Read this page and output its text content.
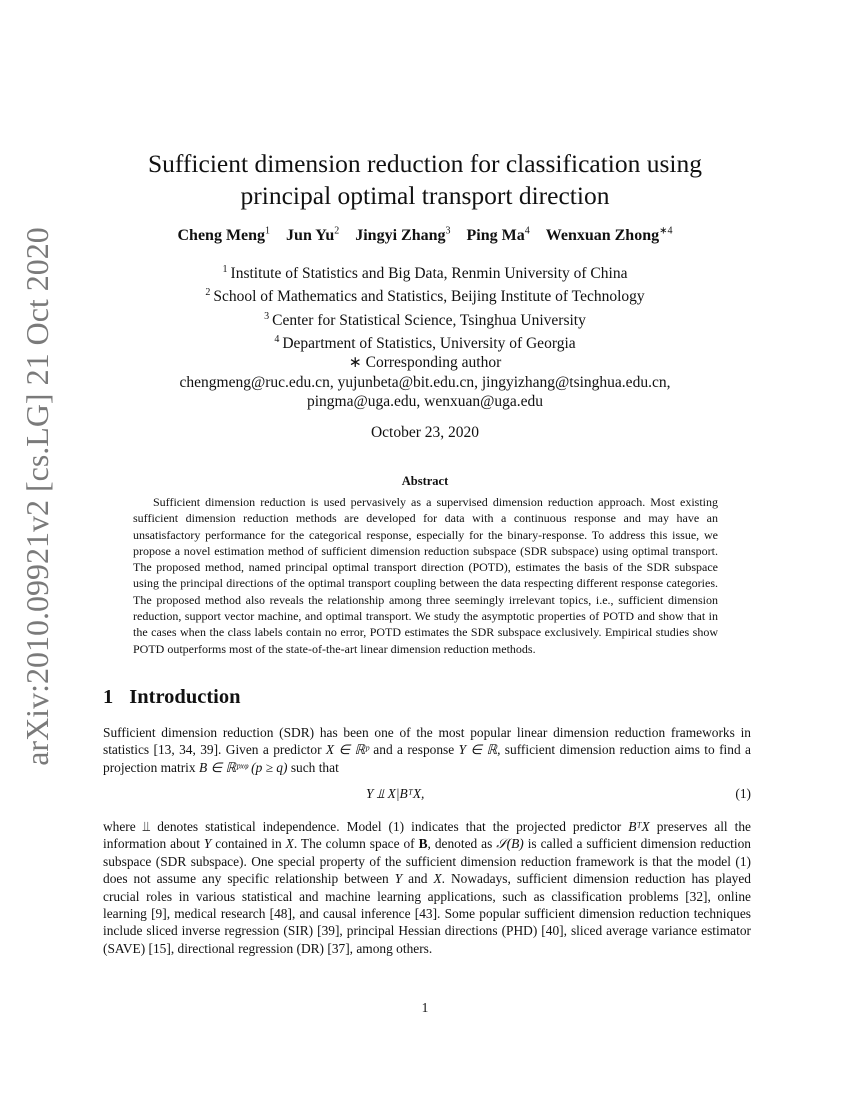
arXiv:2010.09921v2 [cs.LG] 21 Oct 2020
Sufficient dimension reduction for classification using principal optimal transport direction
Cheng Meng$^1$ Jun Yu$^2$ Jingyi Zhang$^3$ Ping Ma$^4$ Wenxuan Zhong$^{∗4}$
$^1$ Institute of Statistics and Big Data, Renmin University of China
$^2$ School of Mathematics and Statistics, Beijing Institute of Technology
$^3$ Center for Statistical Science, Tsinghua University
$^4$ Department of Statistics, University of Georgia
∗ Corresponding author
chengmeng@ruc.edu.cn, yujunbeta@bit.edu.cn, jingyizhang@tsinghua.edu.cn,
pingma@uga.edu, wenxuan@uga.edu
October 23, 2020
Abstract
Sufficient dimension reduction is used pervasively as a supervised dimension reduction approach. Most existing sufficient dimension reduction methods are developed for data with a continuous response and may have an unsatisfactory performance for the categorical response, especially for the binary-response. To address this issue, we propose a novel estimation method of sufficient dimension reduction subspace (SDR subspace) using optimal transport. The proposed method, named principal optimal transport direction (POTD), estimates the basis of the SDR subspace using the principal directions of the optimal transport coupling between the data respecting different response categories. The proposed method also reveals the relationship among three seemingly irrelevant topics, i.e., sufficient dimension reduction, support vector machine, and optimal transport. We study the asymptotic properties of POTD and show that in the cases when the class labels contain no error, POTD estimates the SDR subspace exclusively. Empirical studies show POTD outperforms most of the state-of-the-art linear dimension reduction methods.
1 Introduction
Sufficient dimension reduction (SDR) has been one of the most popular linear dimension reduction frameworks in statistics [13, 34, 39]. Given a predictor X ∈ ℝᵖ and a response Y ∈ ℝ, sufficient dimension reduction aims to find a projection matrix B ∈ ℝᵖˣᵠ (p ≥ q) such that
Y ⫫ X|BᵀX,	(1)
where ⫫ denotes statistical independence. Model (1) indicates that the projected predictor BᵀX preserves all the information about Y contained in X. The column space of B, denoted as 𝒮(B) is called a sufficient dimension reduction subspace (SDR subspace). One special property of the sufficient dimension reduction framework is that the model (1) does not assume any specific relationship between Y and X. Nowadays, sufficient dimension reduction has played crucial roles in various statistical and machine learning applications, such as classification problems [32], online learning [9], medical research [48], and causal inference [43]. Some popular sufficient dimension reduction techniques include sliced inverse regression (SIR) [39], principal Hessian directions (PHD) [40], sliced average variance estimator (SAVE) [15], directional regression (DR) [37], among others.
1
